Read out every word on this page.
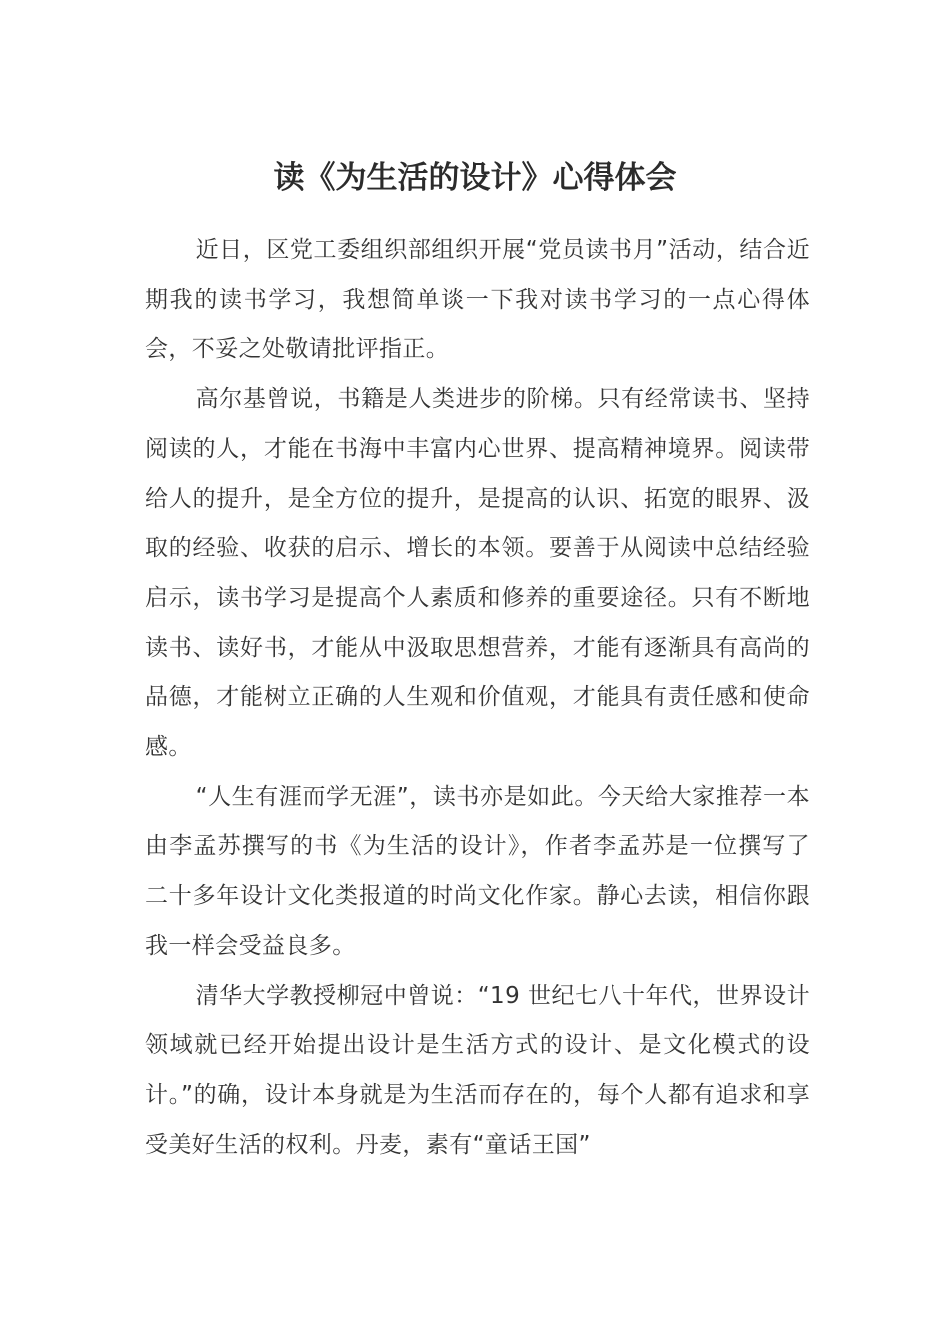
读《为生活的设计》心得体会

近日，区党工委组织部组织开展“党员读书月”活动，结合近期我的读书学习，我想简单谈一下我对读书学习的一点心得体会，不妥之处敬请批评指正。

高尔基曾说，书籍是人类进步的阶梯。只有经常读书、坚持阅读的人，才能在书海中丰富内心世界、提高精神境界。阅读带给人的提升，是全方位的提升，是提高的认识、拓宽的眼界、汲取的经验、收获的启示、增长的本领。要善于从阅读中总结经验启示，读书学习是提高个人素质和修养的重要途径。只有不断地读书、读好书，才能从中汲取思想营养，才能有逐渐具有高尚的品德，才能树立正确的人生观和价值观，才能具有责任感和使命感。

“人生有涯而学无涯”，读书亦是如此。今天给大家推荐一本由李孟苏撰写的书《为生活的设计》，作者李孟苏是一位撰写了二十多年设计文化类报道的时尚文化作家。静心去读，相信你跟我一样会受益良多。

清华大学教授柳冠中曾说：“19 世纪七八十年代，世界设计领域就已经开始提出设计是生活方式的设计、是文化模式的设计。”的确，设计本身就是为生活而存在的，每个人都有追求和享受美好生活的权利。丹麦，素有“童话王国”
